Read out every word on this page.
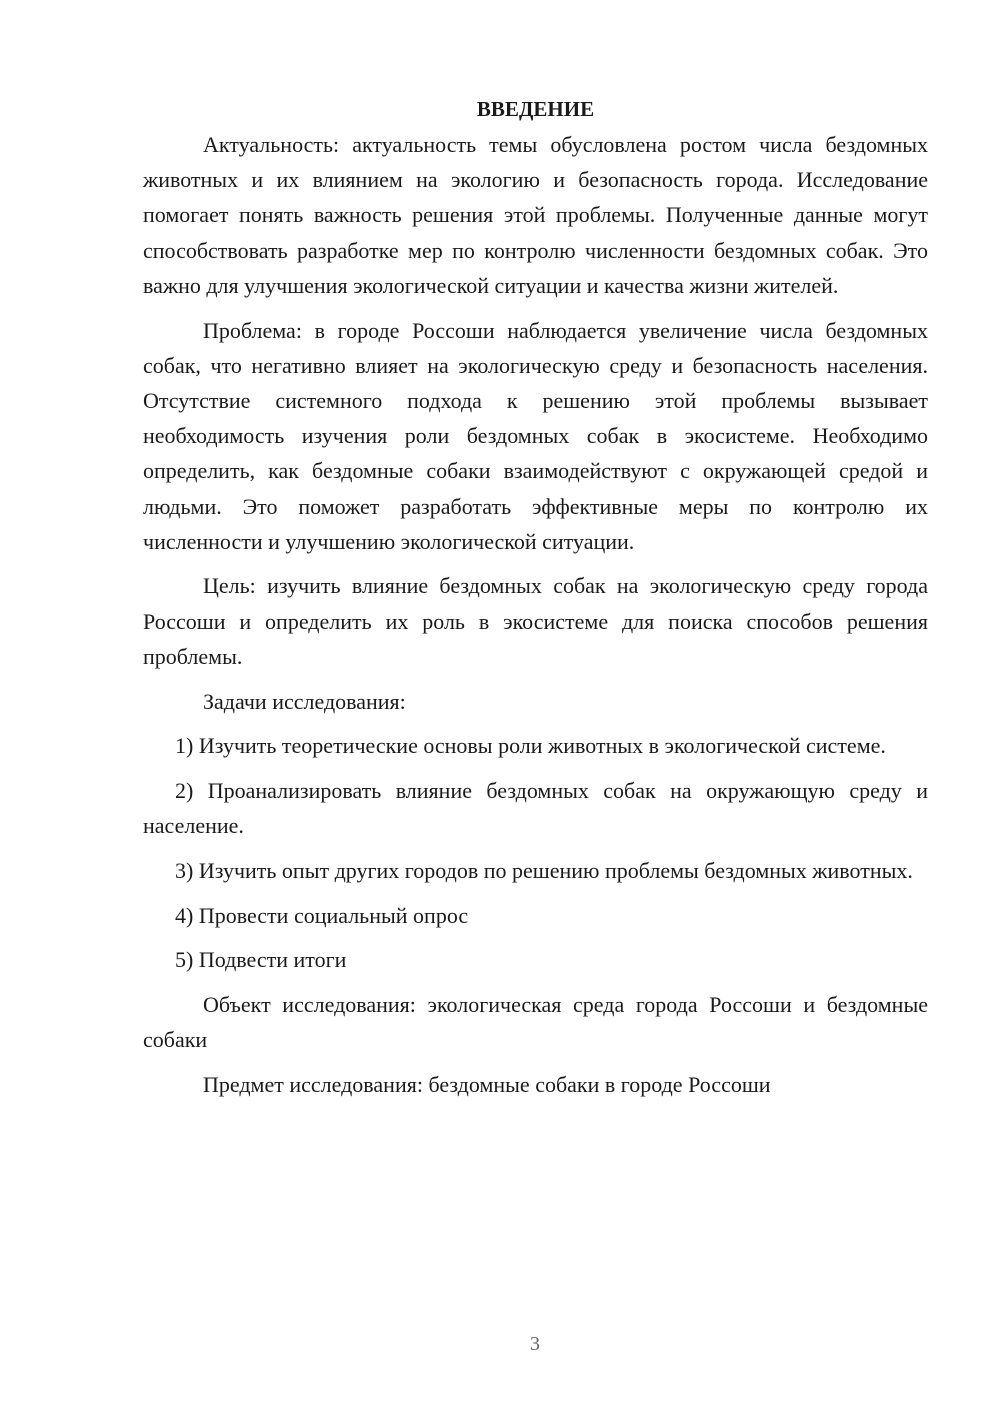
ВВЕДЕНИЕ

Актуальность: актуальность темы обусловлена ростом числа бездомных животных и их влиянием на экологию и безопасность города. Исследование помогает понять важность решения этой проблемы. Полученные данные могут способствовать разработке мер по контролю численности бездомных собак. Это важно для улучшения экологической ситуации и качества жизни жителей.

Проблема: в городе Россоши наблюдается увеличение числа бездомных собак, что негативно влияет на экологическую среду и безопасность населения. Отсутствие системного подхода к решению этой проблемы вызывает необходимость изучения роли бездомных собак в экосистеме. Необходимо определить, как бездомные собаки взаимодействуют с окружающей средой и людьми. Это поможет разработать эффективные меры по контролю их численности и улучшению экологической ситуации.

Цель: изучить влияние бездомных собак на экологическую среду города Россоши и определить их роль в экосистеме для поиска способов решения проблемы.

Задачи исследования:

1) Изучить теоретические основы роли животных в экологической системе.

2) Проанализировать влияние бездомных собак на окружающую среду и население.

3) Изучить опыт других городов по решению проблемы бездомных животных.

4) Провести социальный опрос

5) Подвести итоги

Объект исследования: экологическая среда города Россоши и бездомные собаки

Предмет исследования: бездомные собаки в городе Россоши

3
